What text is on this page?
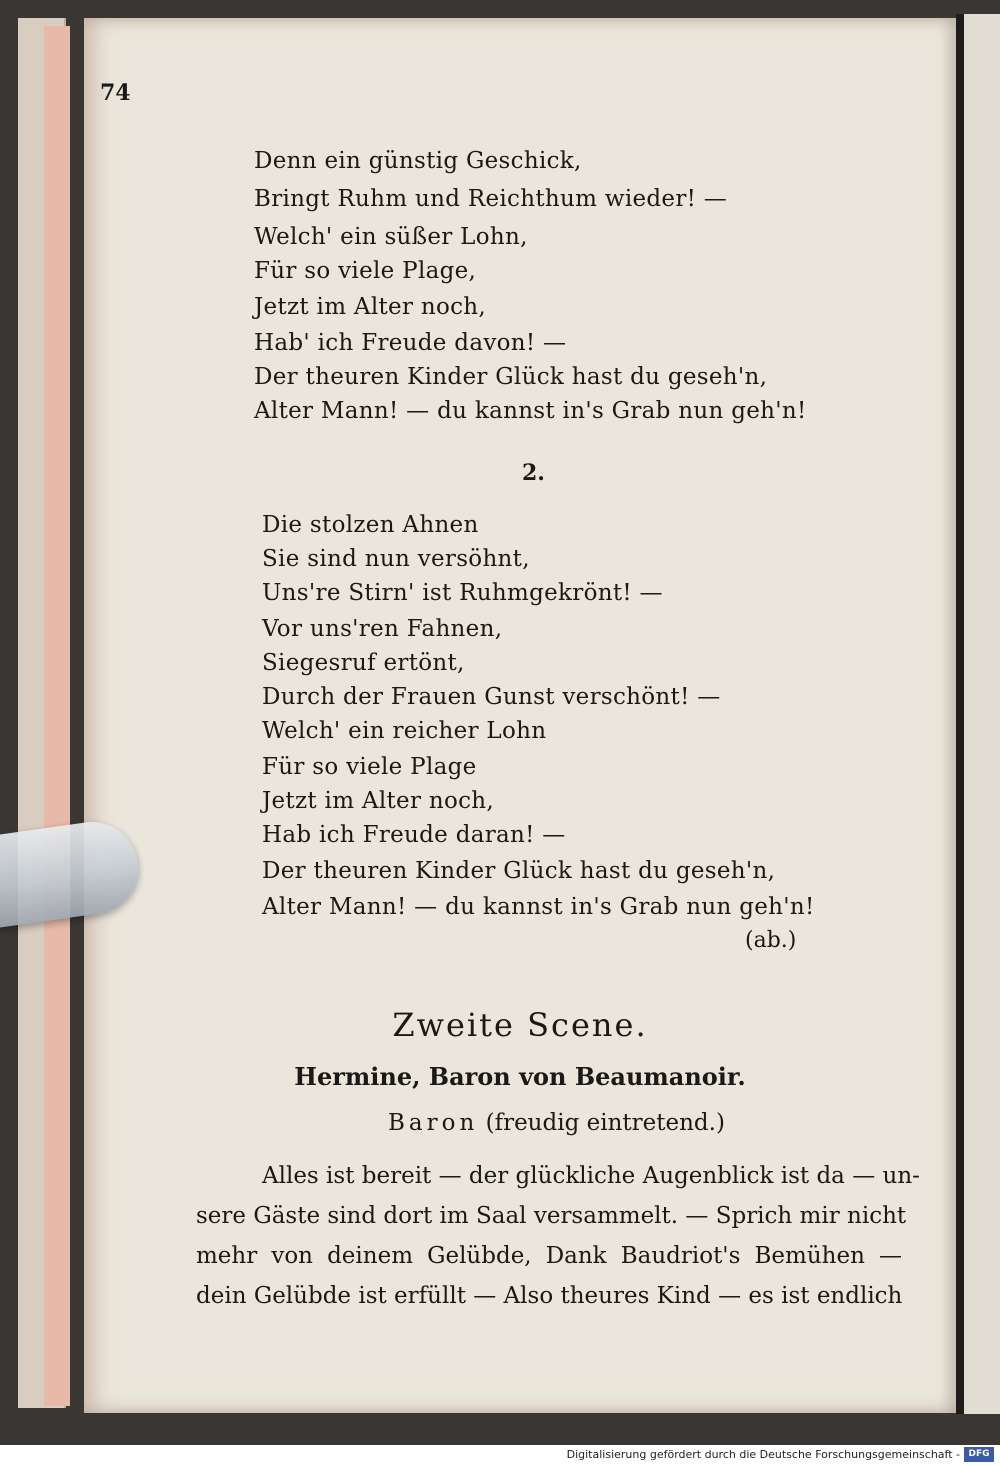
74
Denn ein günstig Geschick,
Bringt Ruhm und Reichthum wieder! —
Welch' ein süßer Lohn,
Für so viele Plage,
Jetzt im Alter noch,
Hab' ich Freude davon! —
Der theuren Kinder Glück hast du geseh'n,
Alter Mann! — du kannst in's Grab nun geh'n!
2.
Die stolzen Ahnen
Sie sind nun versöhnt,
Uns're Stirn' ist Ruhmgekrönt! —
Vor uns'ren Fahnen,
Siegesruf ertönt,
Durch der Frauen Gunst verschönt! —
Welch' ein reicher Lohn
Für so viele Plage
Jetzt im Alter noch,
Hab ich Freude daran! —
Der theuren Kinder Glück hast du geseh'n,
Alter Mann! — du kannst in's Grab nun geh'n!
(ab.)
Zweite Scene.
Hermine, Baron von Beaumanoir.
Baron (freudig eintretend.)
Alles ist bereit — der glückliche Augenblick ist da — un-
sere Gäste sind dort im Saal versammelt. — Sprich mir nicht
mehr von deinem Gelübde, Dank Baudriot's Bemühen —
dein Gelübde ist erfüllt — Also theures Kind — es ist endlich
Digitalisierung gefördert durch die Deutsche Forschungsgemeinschaft - DFG
